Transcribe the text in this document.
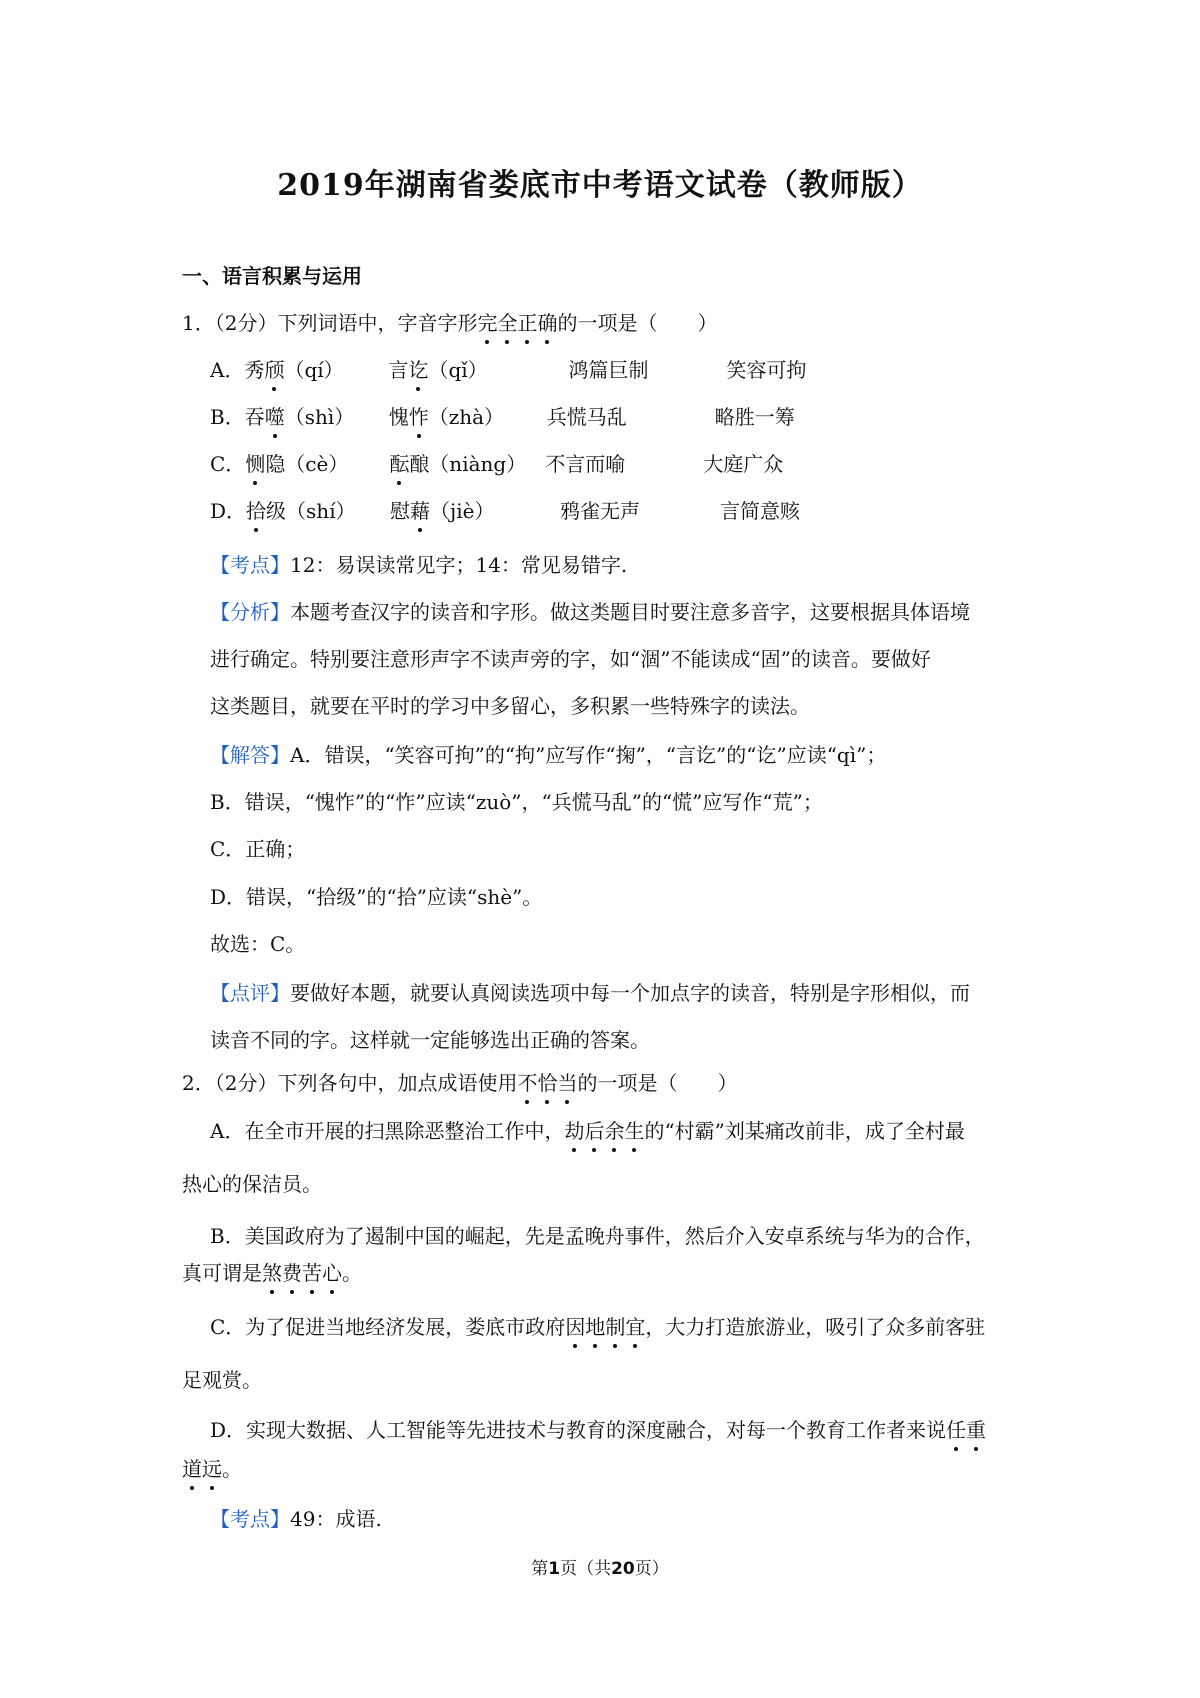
2019年湖南省娄底市中考语文试卷（教师版）
一、语言积累与运用
1．（2分）下列词语中，字音字形完全正确的一项是（　　）
A．秀颀（qí） 言讫（qǐ）	鸿篇巨制	笑容可拘
B．吞噬（shì） 愧怍（zhà） 兵慌马乱	略胜一筹
C．恻隐（cè） 酝酿（niàng） 不言而喻	大庭广众
D．拾级（shí） 慰藉（jiè）	鸦雀无声	言简意赅
【考点】12：易误读常见字；14：常见易错字.
【分析】本题考查汉字的读音和字形。做这类题目时要注意多音字，这要根据具体语境
进行确定。特别要注意形声字不读声旁的字，如“涸”不能读成“固”的读音。要做好
这类题目，就要在平时的学习中多留心，多积累一些特殊字的读法。
【解答】A．错误，“笑容可拘”的“拘”应写作“掬”，“言讫”的“讫”应读“qì”；
B．错误，“愧怍”的“怍”应读“zuò”，“兵慌马乱”的“慌”应写作“荒”；
C．正确；
D．错误，“拾级”的“拾”应读“shè”。
故选：C。
【点评】要做好本题，就要认真阅读选项中每一个加点字的读音，特别是字形相似，而
读音不同的字。这样就一定能够选出正确的答案。
2．（2分）下列各句中，加点成语使用不恰当的一项是（　　）
A．在全市开展的扫黑除恶整治工作中，劫后余生的“村霸”刘某痛改前非，成了全村最
热心的保洁员。
B．美国政府为了遏制中国的崛起，先是孟晚舟事件，然后介入安卓系统与华为的合作，
真可谓是煞费苦心。
C．为了促进当地经济发展，娄底市政府因地制宜，大力打造旅游业，吸引了众多前客驻
足观赏。
D．实现大数据、人工智能等先进技术与教育的深度融合，对每一个教育工作者来说任重
道远。
【考点】49：成语.
第1页（共20页）
